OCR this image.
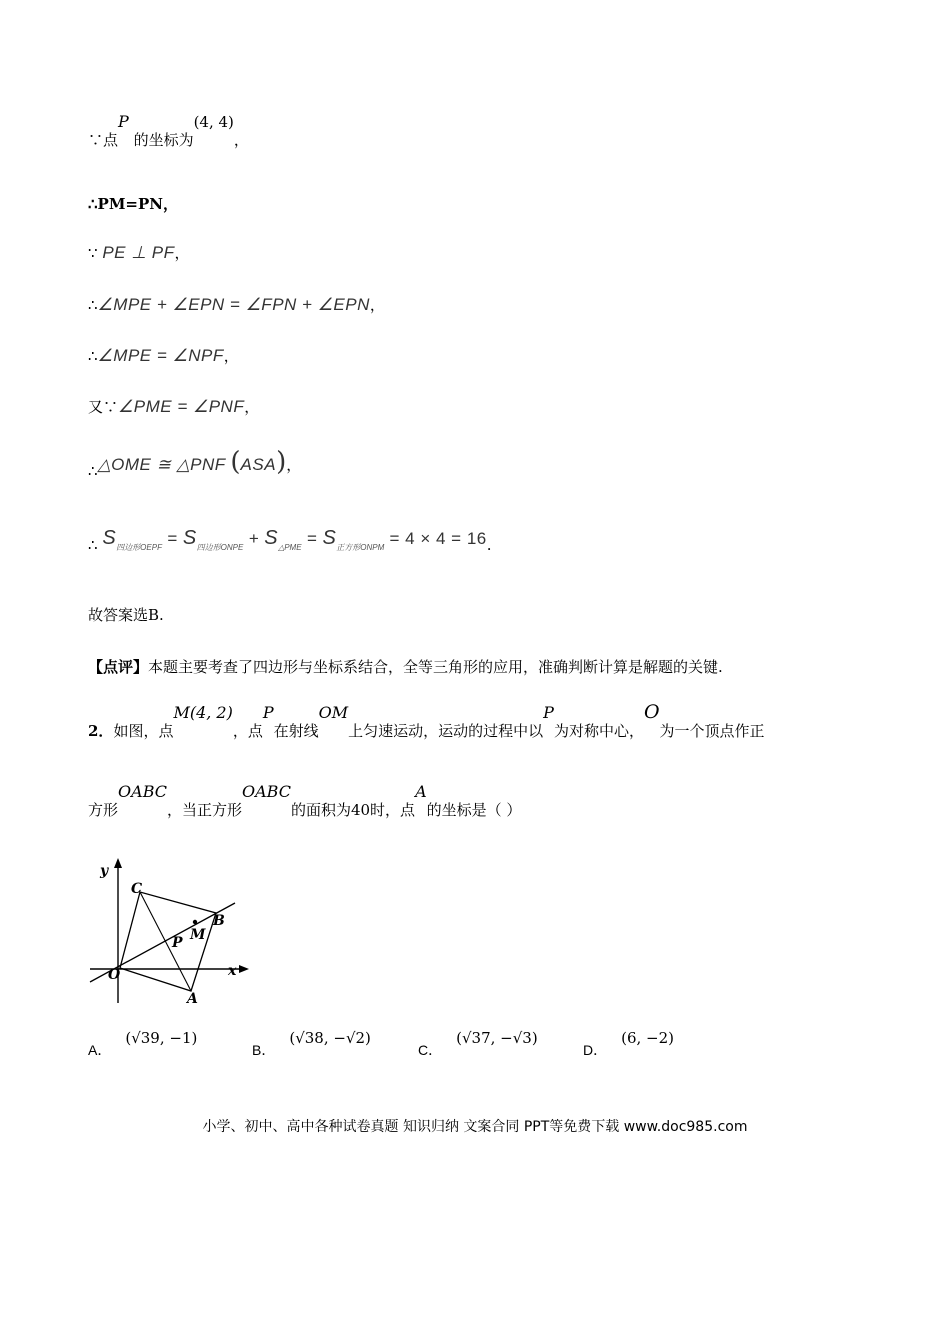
∵点P 的坐标为(4, 4)，
∴PM=PN，
∵ PE ⊥ PF，
∴∠MPE + ∠EPN = ∠FPN + ∠EPN，
∴∠MPE = ∠NPF，
又∵∠PME = ∠PNF，
∴△OME ≅ △PNF (ASA)，
∴ $S_{四边形OEPF} = S_{四边形ONPE} + S_{\triangle PME} = S_{正方形ONPM} = 4 \times 4 = 16$.
故答案选B.
【点评】本题主要考查了四边形与坐标系结合，全等三角形的应用，准确判断计算是解题的关键.
2．如图，点M(4, 2)，点P在射线OM上匀速运动，运动的过程中以P为对称中心，O为一个顶点作正
方形OABC，当正方形OABC的面积为40时，点A的坐标是（ ）
y
x
O
A
B
C
M
P
A．(√39, −1)
B．(√38, −√2)
C．(√37, −√3)
D．(6, −2)
小学、初中、高中各种试卷真题 知识归纳 文案合同 PPT等免费下载 www.doc985.com
